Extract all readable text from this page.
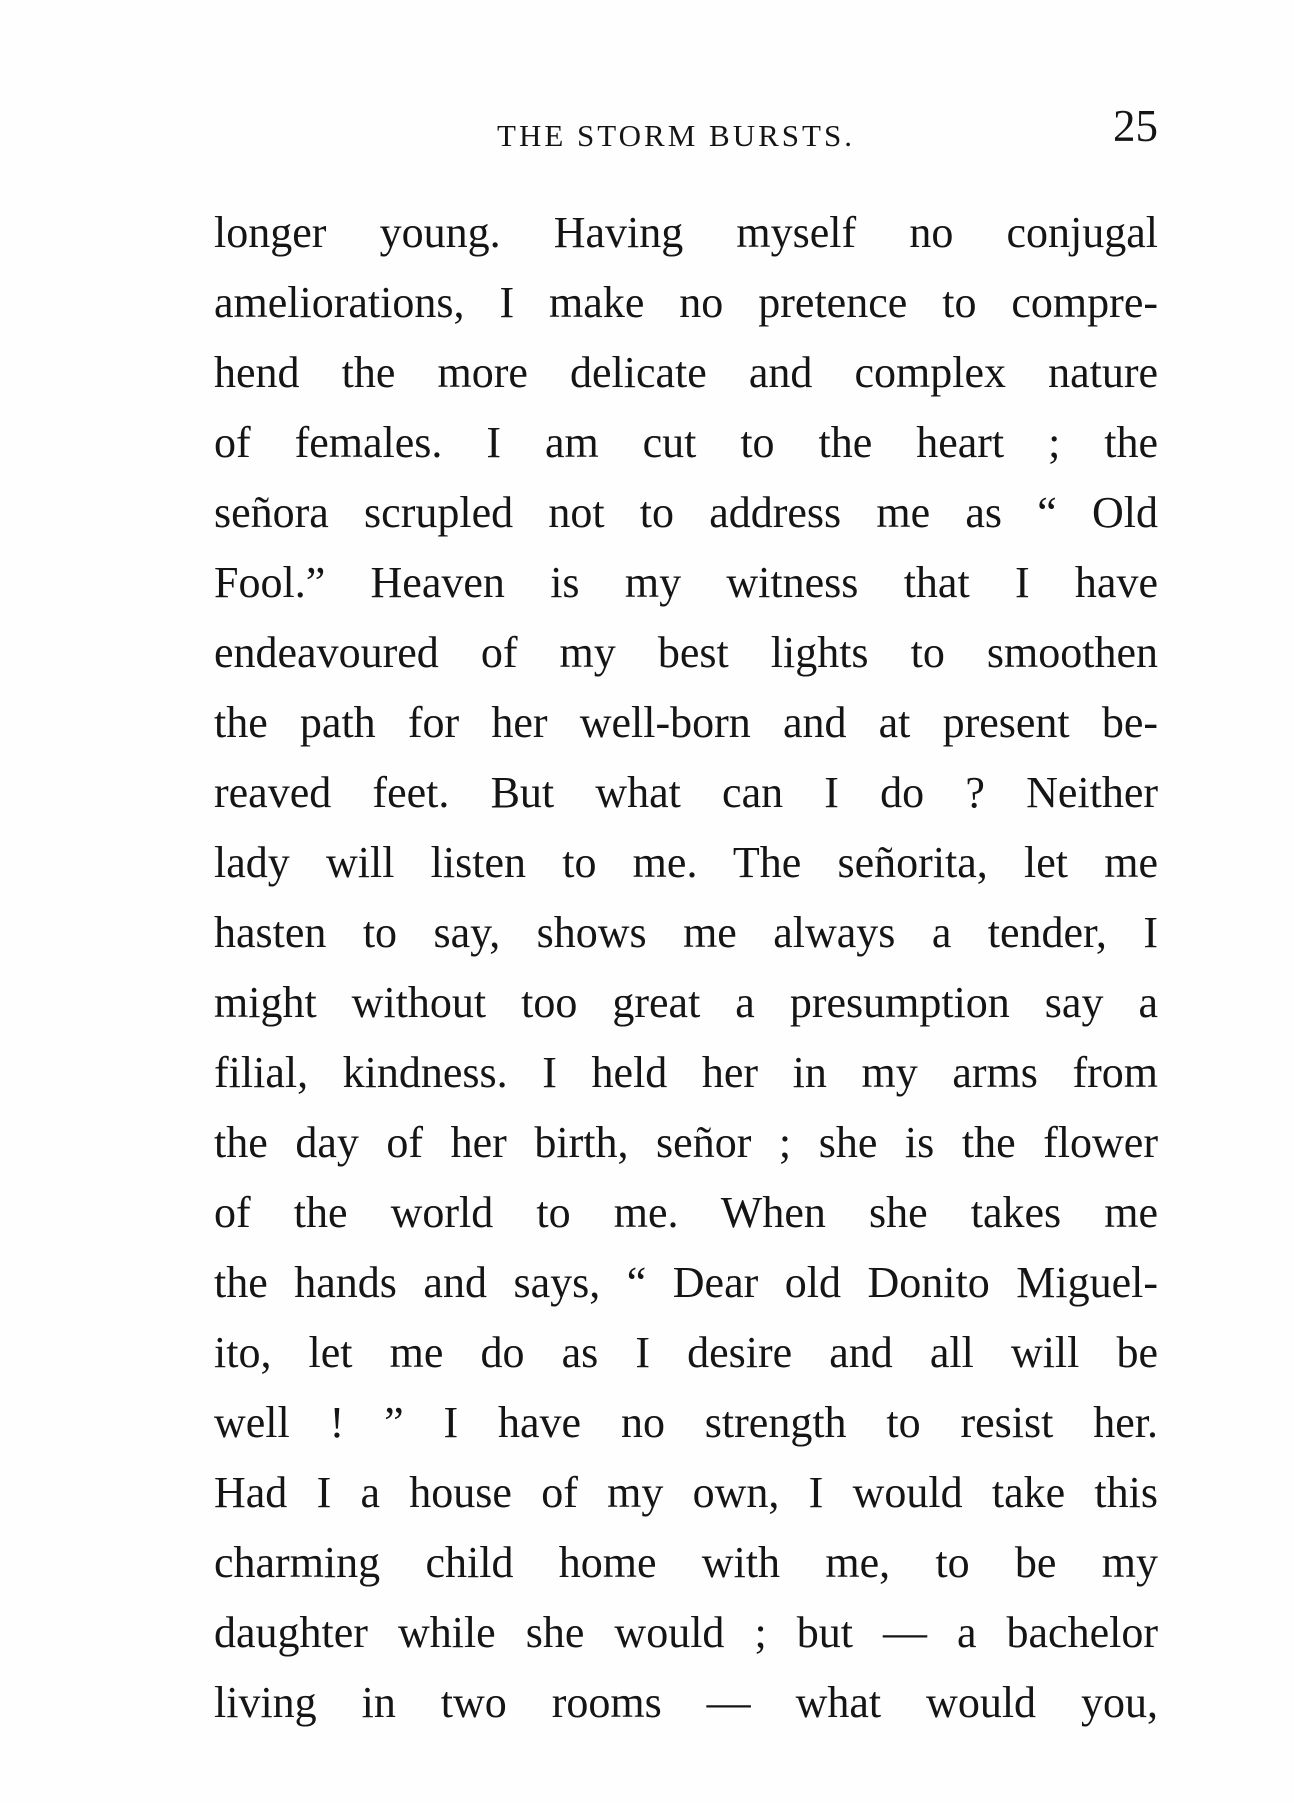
THE STORM BURSTS.	25
longer young. Having myself no conjugal
ameliorations, I make no pretence to compre-
hend the more delicate and complex nature
of females. I am cut to the heart ; the
señora scrupled not to address me as “ Old
Fool.” Heaven is my witness that I have
endeavoured of my best lights to smoothen
the path for her well-born and at present be-
reaved feet. But what can I do ? Neither
lady will listen to me. The señorita, let me
hasten to say, shows me always a tender, I
might without too great a presumption say a
filial, kindness. I held her in my arms from
the day of her birth, señor ; she is the flower
of the world to me. When she takes me
the hands and says, “ Dear old Donito Miguel-
ito, let me do as I desire and all will be
well ! ” I have no strength to resist her.
Had I a house of my own, I would take this
charming child home with me, to be my
daughter while she would ; but — a bachelor
living in two rooms — what would you,
